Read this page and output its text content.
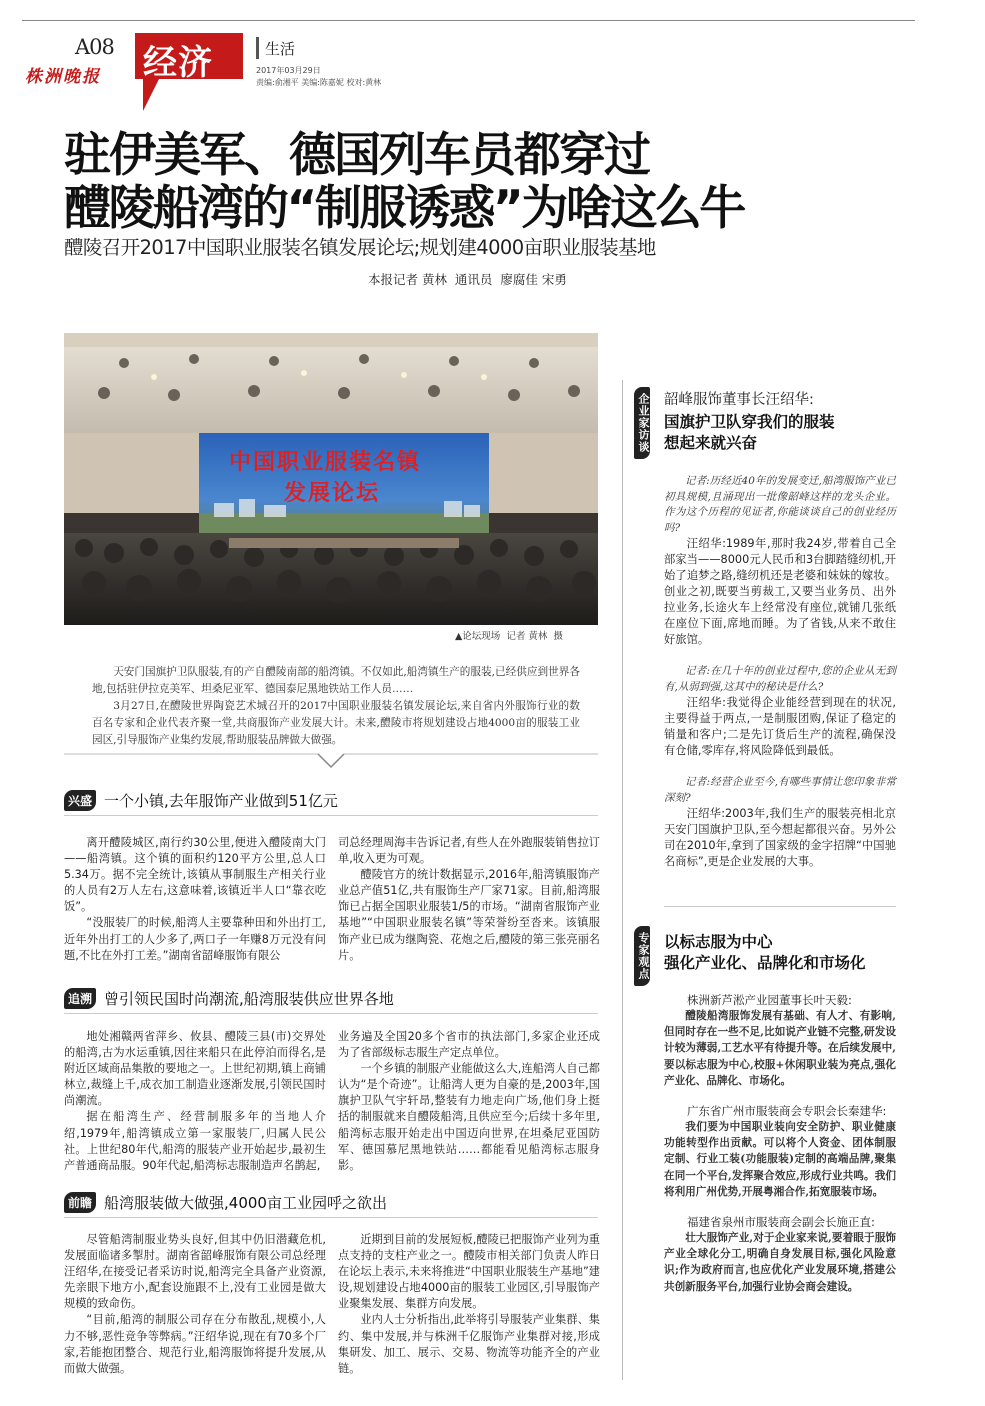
A08
株洲晚报 经济	生活
2017年03月29日
责编:俞湘平 美编:陈嘉妮 校对:黄林
驻伊美军、德国列车员都穿过
醴陵船湾的“制服诱惑”为啥这么牛
醴陵召开2017中国职业服装名镇发展论坛;规划建4000亩职业服装基地
本报记者 黄林  通讯员  廖腐佳 宋勇
中国职业服装名镇
发展论坛
▲论坛现场  记者 黄林  摄
天安门国旗护卫队服装,有的产自醴陵南部的船湾镇。不仅如此,船湾镇生产的服装,已经供应到世界各地,包括驻伊拉克美军、坦桑尼亚军、德国泰尼黑地铁站工作人员……
3月27日,在醴陵世界陶瓷艺术城召开的2017中国职业服装名镇发展论坛,来自省内外服饰行业的数百名专家和企业代表齐聚一堂,共商服饰产业发展大计。未来,醴陵市将规划建设占地4000亩的服装工业园区,引导服饰产业集约发展,帮助服装品牌做大做强。
兴盛 一个小镇,去年服饰产业做到51亿元

离开醴陵城区,南行约30公里,便进入醴陵南大门——船湾镇。这个镇的面积约120平方公里,总人口5.34万。据不完全统计,该镇从事制服生产相关行业的人员有2万人左右,这意味着,该镇近半人口“靠衣吃饭”。

“没服装厂的时候,船湾人主要靠种田和外出打工,近年外出打工的人少多了,两口子一年赚8万元没有问题,不比在外打工差。”湖南省韶峰服饰有限公

司总经理周海丰告诉记者,有些人在外跑服装销售拉订单,收入更为可观。

醴陵官方的统计数据显示,2016年,船湾镇服饰产业总产值51亿,共有服饰生产厂家71家。目前,船湾服饰已占据全国职业服装1/5的市场。“湖南省服饰产业基地”“中国职业服装名镇”等荣誉纷至沓来。该镇服饰产业已成为继陶瓷、花炮之后,醴陵的第三张亮丽名片。

追溯 曾引领民国时尚潮流,船湾服装供应世界各地

地处湘赣两省萍乡、攸县、醴陵三县(市)交界处的船湾,古为水运重镇,因往来船只在此停泊而得名,是附近区域商品集散的要地之一。上世纪初期,镇上商铺林立,裁缝上千,成衣加工制造业逐渐发展,引领民国时尚潮流。

据在船湾生产、经营制服多年的当地人介绍,1979年,船湾镇成立第一家服装厂,归属人民公社。上世纪80年代,船湾的服装产业开始起步,最初生产普通商品服。90年代起,船湾标志服制造声名鹊起,

业务遍及全国20多个省市的执法部门,多家企业还成为了省部级标志服生产定点单位。

一个乡镇的制服产业能做这么大,连船湾人自己都认为“是个奇迹”。让船湾人更为自豪的是,2003年,国旗护卫队气宇轩昂,整装有力地走向广场,他们身上挺括的制服就来自醴陵船湾,且供应至今;后续十多年里,船湾标志服开始走出中国迈向世界,在坦桑尼亚国防军、德国慕尼黑地铁站……都能看见船湾标志服身影。

前瞻 船湾服装做大做强,4000亩工业园呼之欲出

尽管船湾制服业势头良好,但其中仍旧潜藏危机,发展面临诸多掣肘。湖南省韶峰服饰有限公司总经理汪绍华,在接受记者采访时说,船湾完全具备产业资源,先亲眼下地方小,配套设施跟不上,没有工业园是做大规模的致命伤。

“目前,船湾的制服公司存在分布散乱,规模小,人力不够,恶性竞争等弊病。”汪绍华说,现在有70多个厂家,若能抱团整合、规范行业,船湾服饰将提升发展,从而做大做强。

近期到目前的发展短板,醴陵已把服饰产业列为重点支持的支柱产业之一。醴陵市相关部门负责人昨日在论坛上表示,未来将推进“中国职业服装生产基地”建设,规划建设占地4000亩的服装工业园区,引导服饰产业聚集发展、集群方向发展。

业内人士分析指出,此举将引导服装产业集群、集约、集中发展,并与株洲千亿服饰产业集群对接,形成集研发、加工、展示、交易、物流等功能齐全的产业链。

企业家访谈 韶峰服饰董事长汪绍华:
国旗护卫队穿我们的服装
想起来就兴奋
记者:历经近40年的发展变迁,船湾服饰产业已初具规模,且涌现出一批像韶峰这样的龙头企业。作为这个历程的见证者,你能谈谈自己的创业经历吗?
汪绍华:1989年,那时我24岁,带着自己全部家当——8000元人民币和3台脚踏缝纫机,开始了追梦之路,缝纫机还是老婆和妹妹的嫁妆。创业之初,既要当剪裁工,又要当业务员、出外拉业务,长途火车上经常没有座位,就铺几张纸在座位下面,席地而睡。为了省钱,从来不敢住好旅馆。
记者:在几十年的创业过程中,您的企业从无到有,从弱到强,这其中的秘诀是什么?
汪绍华:我觉得企业能经营到现在的状况,主要得益于两点,一是制服团购,保证了稳定的销量和客户;二是先订货后生产的流程,确保没有仓储,零库存,将风险降低到最低。
记者:经营企业至今,有哪些事情让您印象非常深刻?
汪绍华:2003年,我们生产的服装亮相北京天安门国旗护卫队,至今想起都很兴奋。另外公司在2010年,拿到了国家级的金字招牌“中国驰名商标”,更是企业发展的大事。
专家观点 以标志服为中心
强化产业化、品牌化和市场化
株洲新芦淞产业园董事长叶天毅:
醴陵船湾服饰发展有基础、有人才、有影响,但同时存在一些不足,比如说产业链不完整,研发设计较为薄弱,工艺水平有待提升等。在后续发展中,要以标志服为中心,校服+休闲职业装为亮点,强化产业化、品牌化、市场化。
广东省广州市服装商会专职会长秦建华:
我们要为中国职业装向安全防护、职业健康功能转型作出贡献。可以将个人资金、团体制服定制、行业工装(功能服装)定制的高端品牌,聚集在同一个平台,发挥聚合效应,形成行业共鸣。我们将利用广州优势,开展粤湘合作,拓宽服装市场。
福建省泉州市服装商会副会长施正直:
壮大服饰产业,对于企业家来说,要着眼于服饰产业全球化分工,明确自身发展目标,强化风险意识;作为政府而言,也应优化产业发展环境,搭建公共创新服务平台,加强行业协会商会建设。
